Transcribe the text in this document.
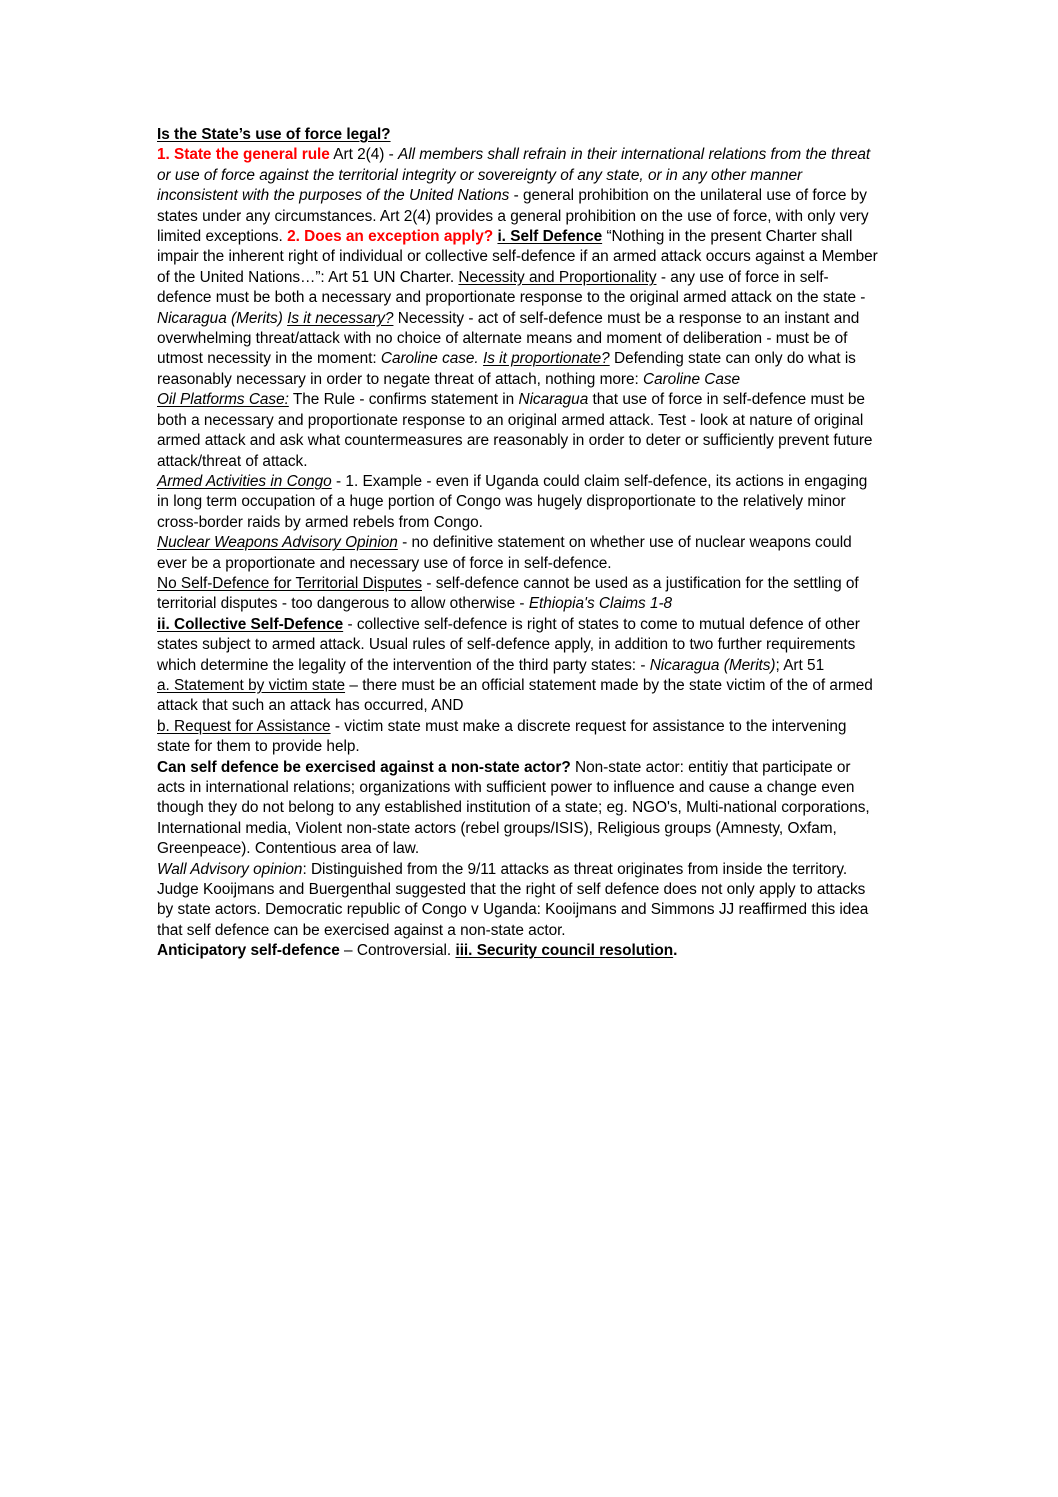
Is the State’s use of force legal?

1. State the general rule Art 2(4) - All members shall refrain in their international relations from the threat or use of force against the territorial integrity or sovereignty of any state, or in any other manner inconsistent with the purposes of the United Nations - general prohibition on the unilateral use of force by states under any circumstances. Art 2(4) provides a general prohibition on the use of force, with only very limited exceptions. 2. Does an exception apply? i. Self Defence “Nothing in the present Charter shall impair the inherent right of individual or collective self-defence if an armed attack occurs against a Member of the United Nations…”: Art 51 UN Charter. Necessity and Proportionality - any use of force in self-defence must be both a necessary and proportionate response to the original armed attack on the state - Nicaragua (Merits) Is it necessary? Necessity - act of self-defence must be a response to an instant and overwhelming threat/attack with no choice of alternate means and moment of deliberation - must be of utmost necessity in the moment: Caroline case. Is it proportionate? Defending state can only do what is reasonably necessary in order to negate threat of attach, nothing more: Caroline Case

Oil Platforms Case: The Rule - confirms statement in Nicaragua that use of force in self-defence must be both a necessary and proportionate response to an original armed attack. Test - look at nature of original armed attack and ask what countermeasures are reasonably in order to deter or sufficiently prevent future attack/threat of attack.

Armed Activities in Congo - 1. Example - even if Uganda could claim self-defence, its actions in engaging in long term occupation of a huge portion of Congo was hugely disproportionate to the relatively minor cross-border raids by armed rebels from Congo.

Nuclear Weapons Advisory Opinion - no definitive statement on whether use of nuclear weapons could ever be a proportionate and necessary use of force in self-defence.

No Self-Defence for Territorial Disputes - self-defence cannot be used as a justification for the settling of territorial disputes - too dangerous to allow otherwise - Ethiopia's Claims 1-8

ii. Collective Self-Defence - collective self-defence is right of states to come to mutual defence of other states subject to armed attack. Usual rules of self-defence apply, in addition to two further requirements which determine the legality of the intervention of the third party states: - Nicaragua (Merits); Art 51

a. Statement by victim state – there must be an official statement made by the state victim of the of armed attack that such an attack has occurred, AND

b. Request for Assistance - victim state must make a discrete request for assistance to the intervening state for them to provide help.

Can self defence be exercised against a non-state actor? Non-state actor: entitiy that participate or acts in international relations; organizations with sufficient power to influence and cause a change even though they do not belong to any established institution of a state; eg. NGO's, Multi-national corporations, International media, Violent non-state actors (rebel groups/ISIS), Religious groups (Amnesty, Oxfam, Greenpeace). Contentious area of law.

Wall Advisory opinion: Distinguished from the 9/11 attacks as threat originates from inside the territory. Judge Kooijmans and Buergenthal suggested that the right of self defence does not only apply to attacks by state actors. Democratic republic of Congo v Uganda: Kooijmans and Simmons JJ reaffirmed this idea that self defence can be exercised against a non-state actor.

Anticipatory self-defence – Controversial. iii. Security council resolution.
